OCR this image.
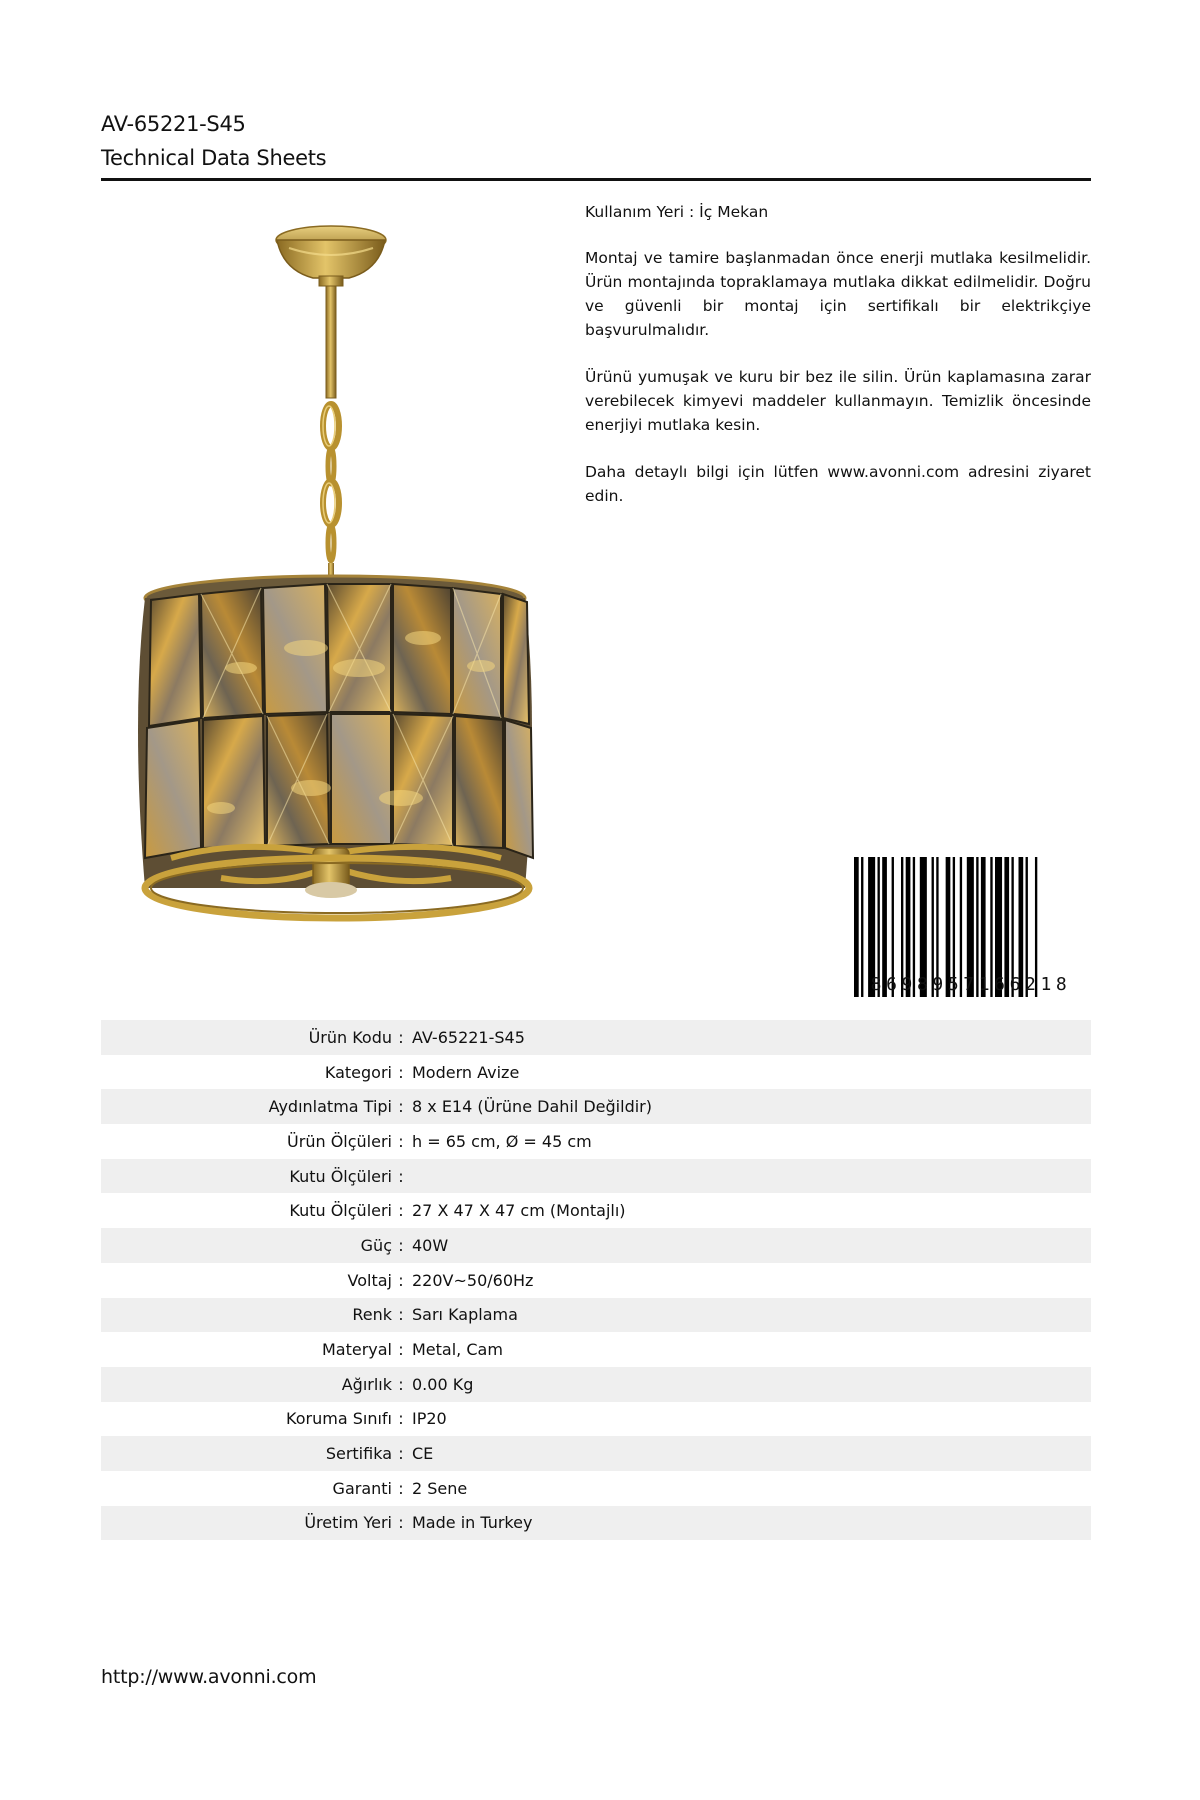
AV-65221-S45
Technical Data Sheets

Kullanım Yeri : İç Mekan

Montaj ve tamire başlanmadan önce enerji mutlaka kesilmelidir. Ürün montajında topraklamaya mutlaka dikkat edilmelidir. Doğru ve güvenli bir montaj için sertifikalı bir elektrikçiye başvurulmalıdır.

Ürünü yumuşak ve kuru bir bez ile silin. Ürün kaplamasına zarar verebilecek kimyevi maddeler kullanmayın. Temizlik öncesinde enerjiyi mutlaka kesin.

Daha detaylı bilgi için lütfen www.avonni.com adresini ziyaret edin.

8698957166218
Ürün Kodu : AV-65221-S45
Kategori : Modern Avize
Aydınlatma Tipi : 8 x E14 (Ürüne Dahil Değildir)
Ürün Ölçüleri : h = 65 cm, Ø = 45 cm
Kutu Ölçüleri :
Kutu Ölçüleri : 27 X 47 X 47 cm (Montajlı)
Güç : 40W
Voltaj : 220V~50/60Hz
Renk : Sarı Kaplama
Materyal : Metal, Cam
Ağırlık : 0.00 Kg
Koruma Sınıfı : IP20
Sertifika : CE
Garanti : 2 Sene
Üretim Yeri : Made in Turkey
http://www.avonni.com
